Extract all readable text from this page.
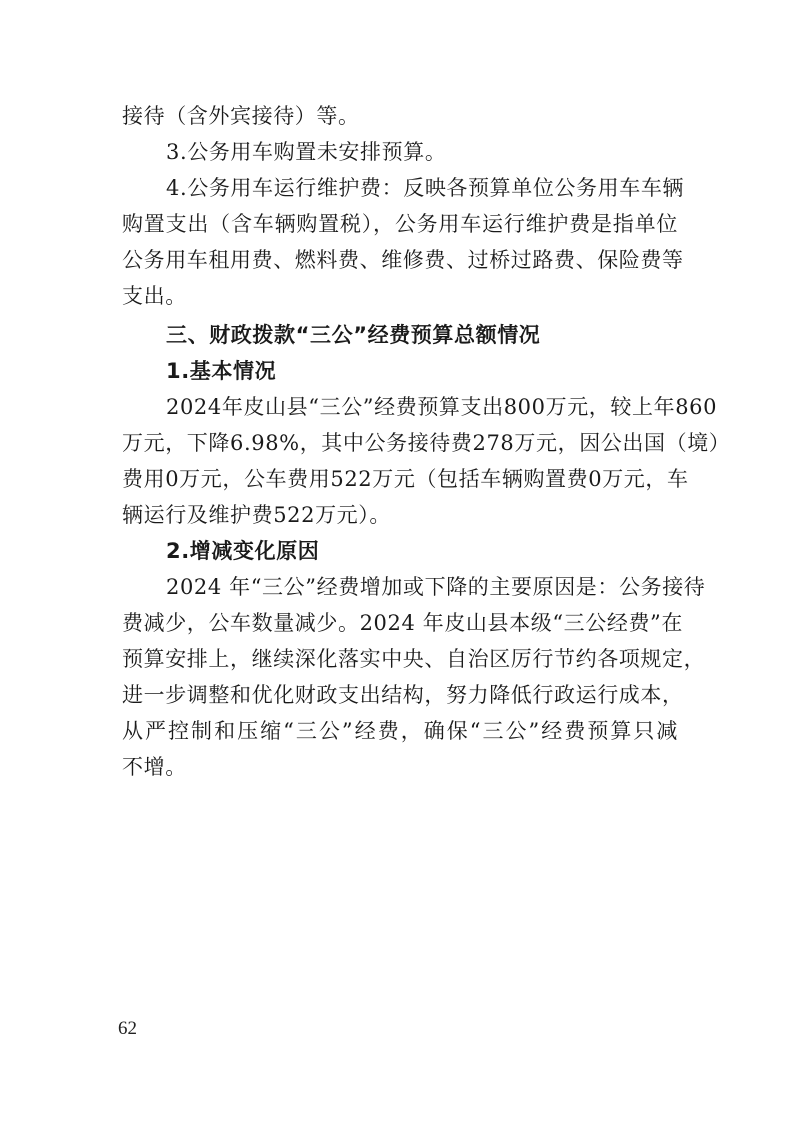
接待（含外宾接待）等。
3.公务用车购置未安排预算。
4.公务用车运行维护费：反映各预算单位公务用车车辆
购置支出（含车辆购置税），公务用车运行维护费是指单位
公务用车租用费、燃料费、维修费、过桥过路费、保险费等
支出。
三、财政拨款“三公”经费预算总额情况
1.基本情况
2024年皮山县“三公”经费预算支出800万元，较上年860
万元，下降6.98%，其中公务接待费278万元，因公出国（境）
费用0万元，公车费用522万元（包括车辆购置费0万元，车
辆运行及维护费522万元）。
2.增减变化原因
2024 年“三公”经费增加或下降的主要原因是：公务接待
费减少，公车数量减少。2024 年皮山县本级“三公经费”在
预算安排上，继续深化落实中央、自治区厉行节约各项规定，
进一步调整和优化财政支出结构，努力降低行政运行成本，
从严控制和压缩“三公”经费，确保“三公”经费预算只减
不增。
62
